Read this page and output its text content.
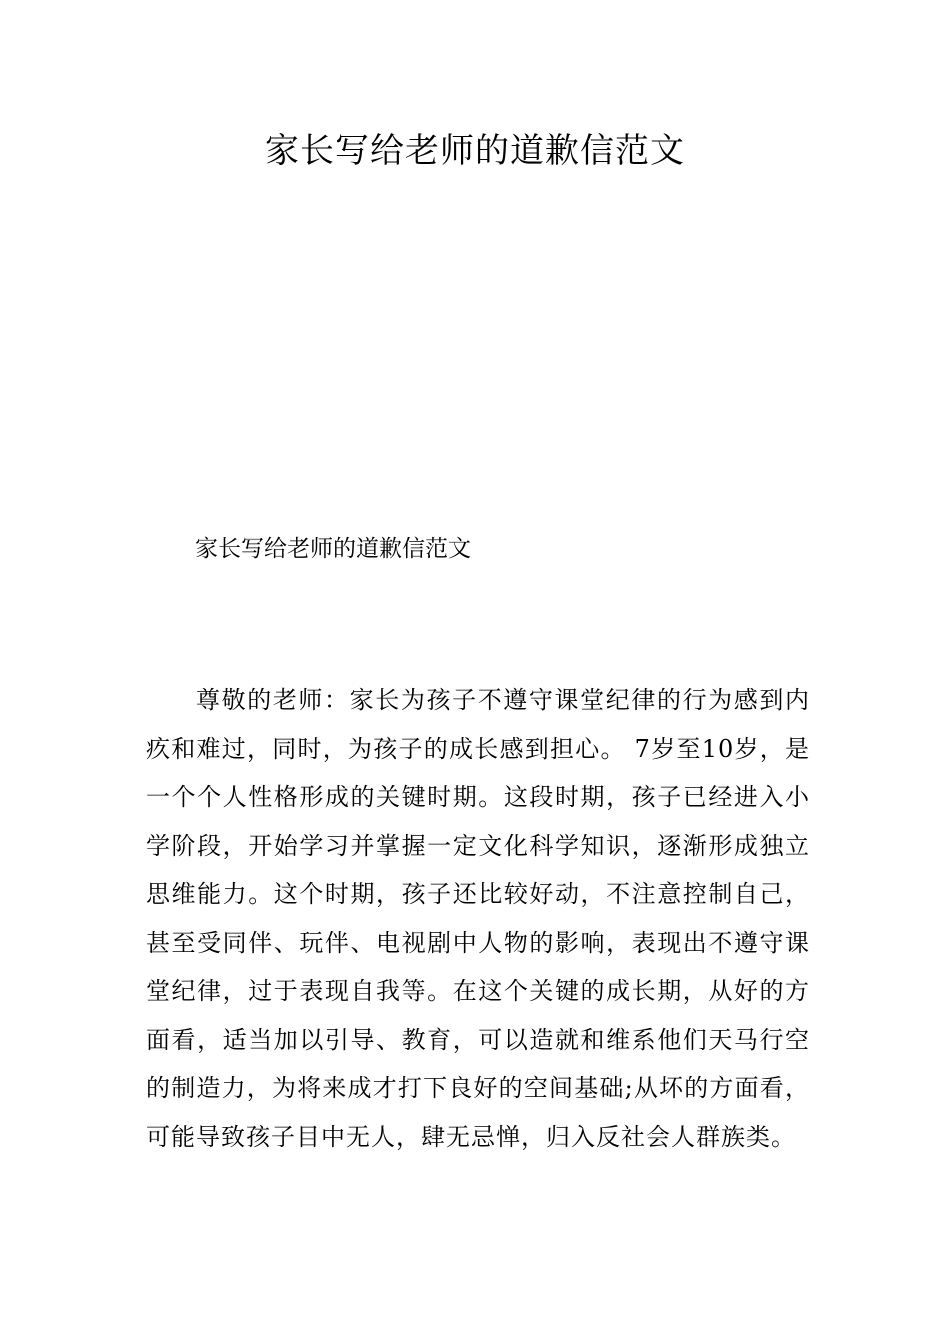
家长写给老师的道歉信范文

家长写给老师的道歉信范文

尊敬的老师：家长为孩子不遵守课堂纪律的行为感到内疚和难过，同时，为孩子的成长感到担心。 7岁至10岁，是一个个人性格形成的关键时期。这段时期，孩子已经进入小学阶段，开始学习并掌握一定文化科学知识，逐渐形成独立思维能力。这个时期，孩子还比较好动，不注意控制自己，甚至受同伴、玩伴、电视剧中人物的影响，表现出不遵守课堂纪律，过于表现自我等。在这个关键的成长期，从好的方面看，适当加以引导、教育，可以造就和维系他们天马行空的制造力，为将来成才打下良好的空间基础;从坏的方面看，可能导致孩子目中无人，肆无忌惮，归入反社会人群族类。
